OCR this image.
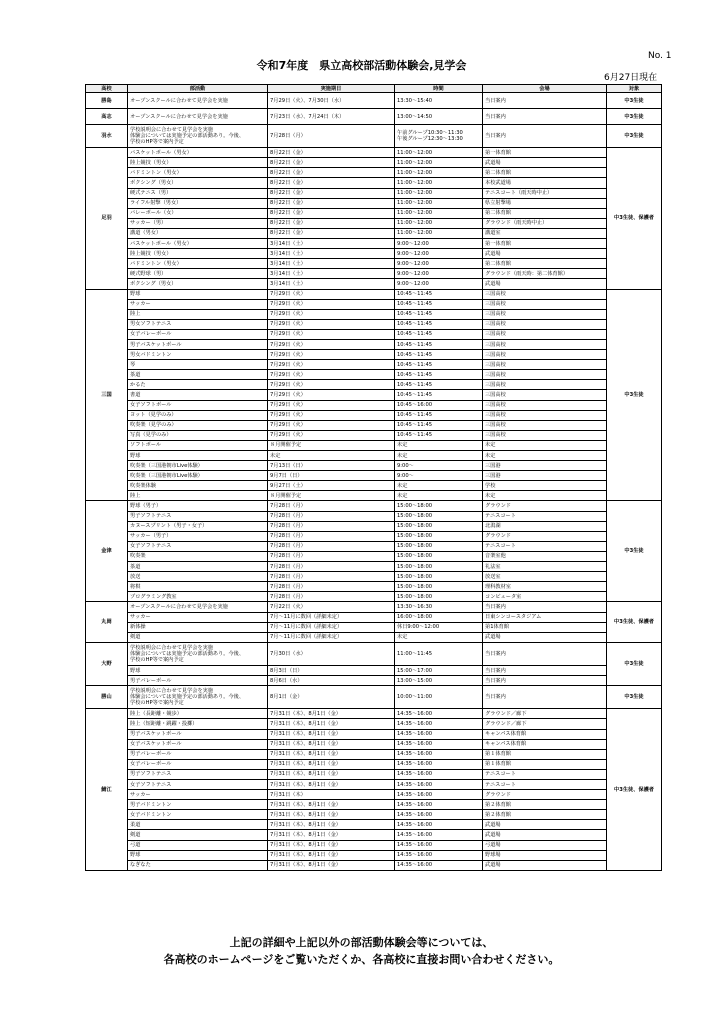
No. 1
令和7年度　県立高校部活動体験会,見学会
6月27日現在
高校	部活動	実施期日	時間	会場	対象
勝島	オープンスクールに合わせて見学会を実施	7月29日（火）、7月30日（水）	13:30～15:40	当日案内	中3生徒
高志	オープンスクールに合わせて見学会を実施	7月23日（水）、7月24日（木）	13:00～14:50	当日案内	中3生徒
羽水	学校説明会に合わせて見学会を実施
体験会については実施予定の部活動あり。今後、
学校のHP等で案内予定	7月28日（月）	午前グループ10:30～11:30
午後グループ12:30～13:30	当日案内	中3生徒
足羽	バスケットボール（男女）	8月22日（金）	11:00～12:00	第一体育館	中3生徒、保護者
	陸上競技（男女）	8月22日（金）	11:00～12:00	武道場	
	バドミントン（男女）	8月22日（金）	11:00～12:00	第二体育館	
	ボクシング（男女）	8月22日（金）	11:00～12:00	本校武道場	
	硬式テニス（男）	8月22日（金）	11:00～12:00	テニスコート（雨天時中止）	
	ライフル射撃（男女）	8月22日（金）	11:00～12:00	県立射撃場	
	バレーボール（女）	8月22日（金）	11:00～12:00	第二体育館	
	サッカー（男）	8月22日（金）	11:00～12:00	グラウンド（雨天時中止）	
	講道（男女）	8月22日（金）	11:00～12:00	講道室	
	バスケットボール（男女）	3月14日（土）	9:00～12:00	第一体育館	
	陸上競技（男女）	3月14日（土）	9:00～12:00	武道場	
	バドミントン（男女）	3月14日（土）	9:00～12:00	第二体育館	
	硬式野球（男）	3月14日（土）	9:00～12:00	グラウンド（雨天時：第二体育館）	
	ボクシング（男女）	3月14日（土）	9:00～12:00	武道場	
三国	野球	7月29日（火）	10:45～11:45	三国高校	中3生徒
	サッカー	7月29日（火）	10:45～11:45	三国高校	
	陸上	7月29日（火）	10:45～11:45	三国高校	
	男女ソフトテニス	7月29日（火）	10:45～11:45	三国高校	
	女子バレーボール	7月29日（火）	10:45～11:45	三国高校	
	男子バスケットボール	7月29日（火）	10:45～11:45	三国高校	
	男女バドミントン	7月29日（火）	10:45～11:45	三国高校	
	琴	7月29日（火）	10:45～11:45	三国高校	
	茶道	7月29日（火）	10:45～11:45	三国高校	
	かるた	7月29日（火）	10:45～11:45	三国高校	
	書道	7月29日（火）	10:45～11:45	三国高校	
	女子ソフトボール	7月29日（火）	10:45～16:00	三国高校	
	ヨット（見学のみ）	7月29日（火）	10:45～11:45	三国高校	
	吹奏楽（見学のみ）	7月29日（火）	10:45～11:45	三国高校	
	写真（見学のみ）	7月29日（火）	10:45～11:45	三国高校	
	ソフトボール	８月開催予定	未定	未定	
	野球	未定	未定	未定	
	吹奏楽（三国港朝市Live体験）	7月13日（日）	9:00～	三国港	
	吹奏楽（三国港朝市Live体験）	9月7日（日）	9:00～	三国港	
	吹奏楽体験	9月27日（土）	未定	学校	
	陸上	８月開催予定	未定	未定	
金津	野球（男子）	7月28日（月）	15:00～18:00	グラウンド	中3生徒
	男子ソフトテニス	7月28日（月）	15:00～18:00	テニスコート	
	カヌースプリント（男子・女子）	7月28日（月）	15:00～18:00	北潟湖	
	サッカー（男子）	7月28日（月）	15:00～18:00	グラウンド	
	女子ソフトテニス	7月28日（月）	15:00～18:00	テニスコート	
	吹奏楽	7月28日（月）	15:00～18:00	音楽室他	
	茶道	7月28日（月）	15:00～18:00	礼法室	
	放送	7月28日（月）	15:00～18:00	放送室	
	将棋	7月28日（月）	15:00～18:00	理科教材室	
	プログラミング教室	7月28日（月）	15:00～18:00	コンピュータ室	
丸岡	オープンスクールに合わせて見学会を実施	7月22日（火）	13:30～16:30	当日案内	中3生徒、保護者
	サッカー	7月～11月に数回（詳細未定）	16:00～18:00	日東シンコースタジアム	
	新体操	7月～11月に数回（詳細未定）	休日9:00～12:00	第1体育館	
	剣道	7月～11月に数回（詳細未定）	未定	武道場	
大野	学校説明会に合わせて見学会を実施
体験会については実施予定の部活動あり。今後、
学校のHP等で案内予定	7月30日（水）	11:00～11:45	当日案内	中3生徒
	野球	8月3日（日）	15:00～17:00	当日案内	
	男子バレーボール	8月6日（水）	13:00～15:00	当日案内	
勝山	学校説明会に合わせて見学会を実施
体験会については実施予定の部活動あり。今後、
学校のHP等で案内予定	8月1日（金）	10:00～11:00	当日案内	中3生徒
鯖江	陸上（長距離・競歩）	7月31日（木）、8月1日（金）	14:35～16:00	グラウンド／廊下	中3生徒、保護者
	陸上（短距離・跳躍・投擲）	7月31日（木）、8月1日（金）	14:35～16:00	グラウンド／廊下	
	男子バスケットボール	7月31日（木）、8月1日（金）	14:35～16:00	キャンパス体育館	
	女子バスケットボール	7月31日（木）、8月1日（金）	14:35～16:00	キャンパス体育館	
	男子バレーボール	7月31日（木）、8月1日（金）	14:35～16:00	第１体育館	
	女子バレーボール	7月31日（木）、8月1日（金）	14:35～16:00	第１体育館	
	男子ソフトテニス	7月31日（木）、8月1日（金）	14:35～16:00	テニスコート	
	女子ソフトテニス	7月31日（木）、8月1日（金）	14:35～16:00	テニスコート	
	サッカー	7月31日（木）	14:35～16:00	グラウンド	
	男子バドミントン	7月31日（木）、8月1日（金）	14:35～16:00	第２体育館	
	女子バドミントン	7月31日（木）、8月1日（金）	14:35～16:00	第２体育館	
	柔道	7月31日（木）、8月1日（金）	14:35～16:00	武道場	
	剣道	7月31日（木）、8月1日（金）	14:35～16:00	武道場	
	弓道	7月31日（木）、8月1日（金）	14:35～16:00	弓道場	
	野球	7月31日（木）、8月1日（金）	14:35～16:00	野球場	
	なぎなた	7月31日（木）、8月1日（金）	14:35～16:00	武道場	
上記の詳細や上記以外の部活動体験会等については、
各高校のホームページをご覧いただくか、各高校に直接お問い合わせください。
